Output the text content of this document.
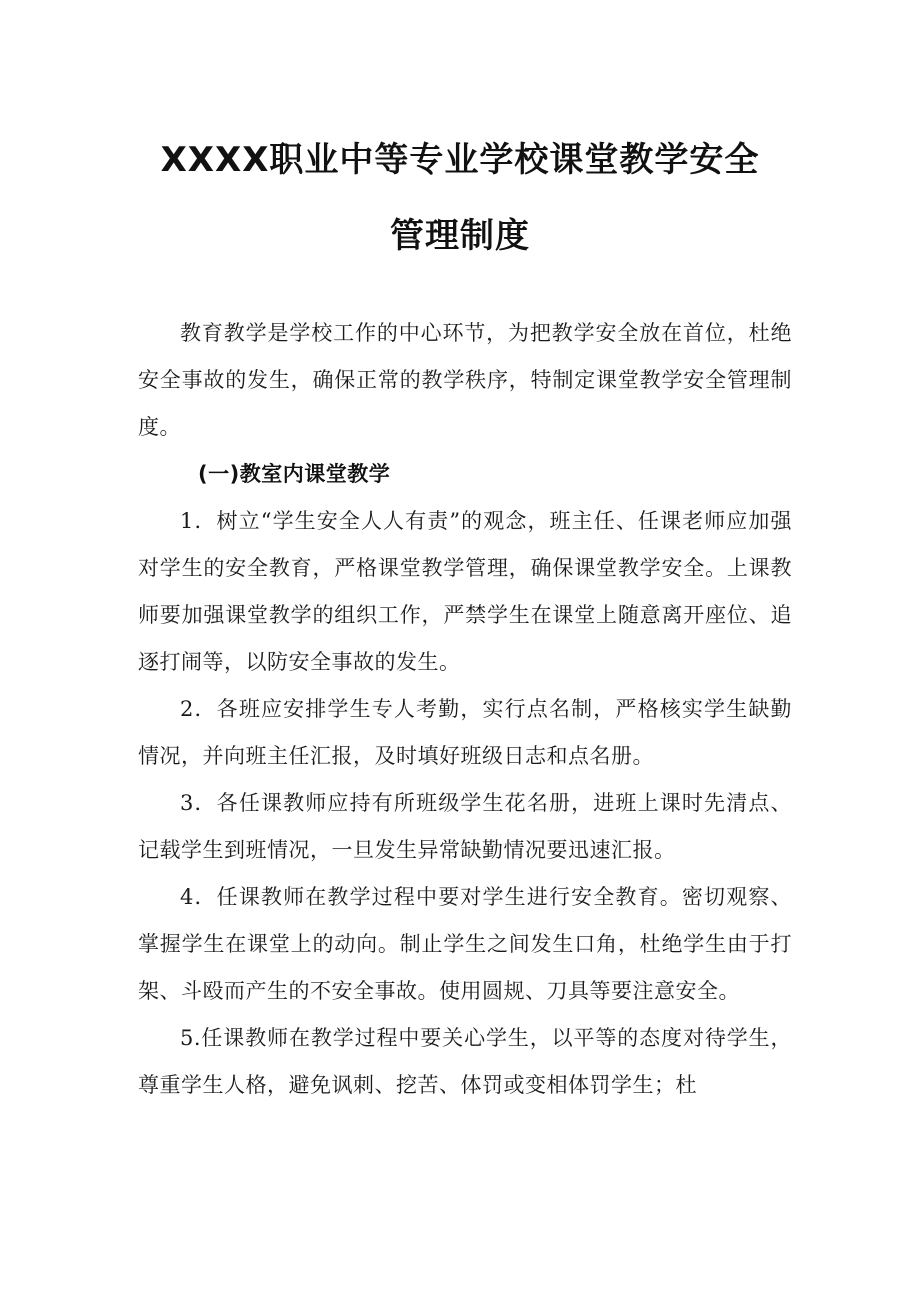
XXXX职业中等专业学校课堂教学安全
管理制度

教育教学是学校工作的中心环节，为把教学安全放在首位，杜绝安全事故的发生，确保正常的教学秩序，特制定课堂教学安全管理制度。

(一)教室内课堂教学

1．树立“学生安全人人有责”的观念，班主任、任课老师应加强对学生的安全教育，严格课堂教学管理，确保课堂教学安全。上课教师要加强课堂教学的组织工作，严禁学生在课堂上随意离开座位、追逐打闹等，以防安全事故的发生。

2．各班应安排学生专人考勤，实行点名制，严格核实学生缺勤情况，并向班主任汇报，及时填好班级日志和点名册。

3．各任课教师应持有所班级学生花名册，进班上课时先清点、记载学生到班情况，一旦发生异常缺勤情况要迅速汇报。

4．任课教师在教学过程中要对学生进行安全教育。密切观察、掌握学生在课堂上的动向。制止学生之间发生口角，杜绝学生由于打架、斗殴而产生的不安全事故。使用圆规、刀具等要注意安全。

5.任课教师在教学过程中要关心学生，以平等的态度对待学生，尊重学生人格，避免讽刺、挖苦、体罚或变相体罚学生；杜
